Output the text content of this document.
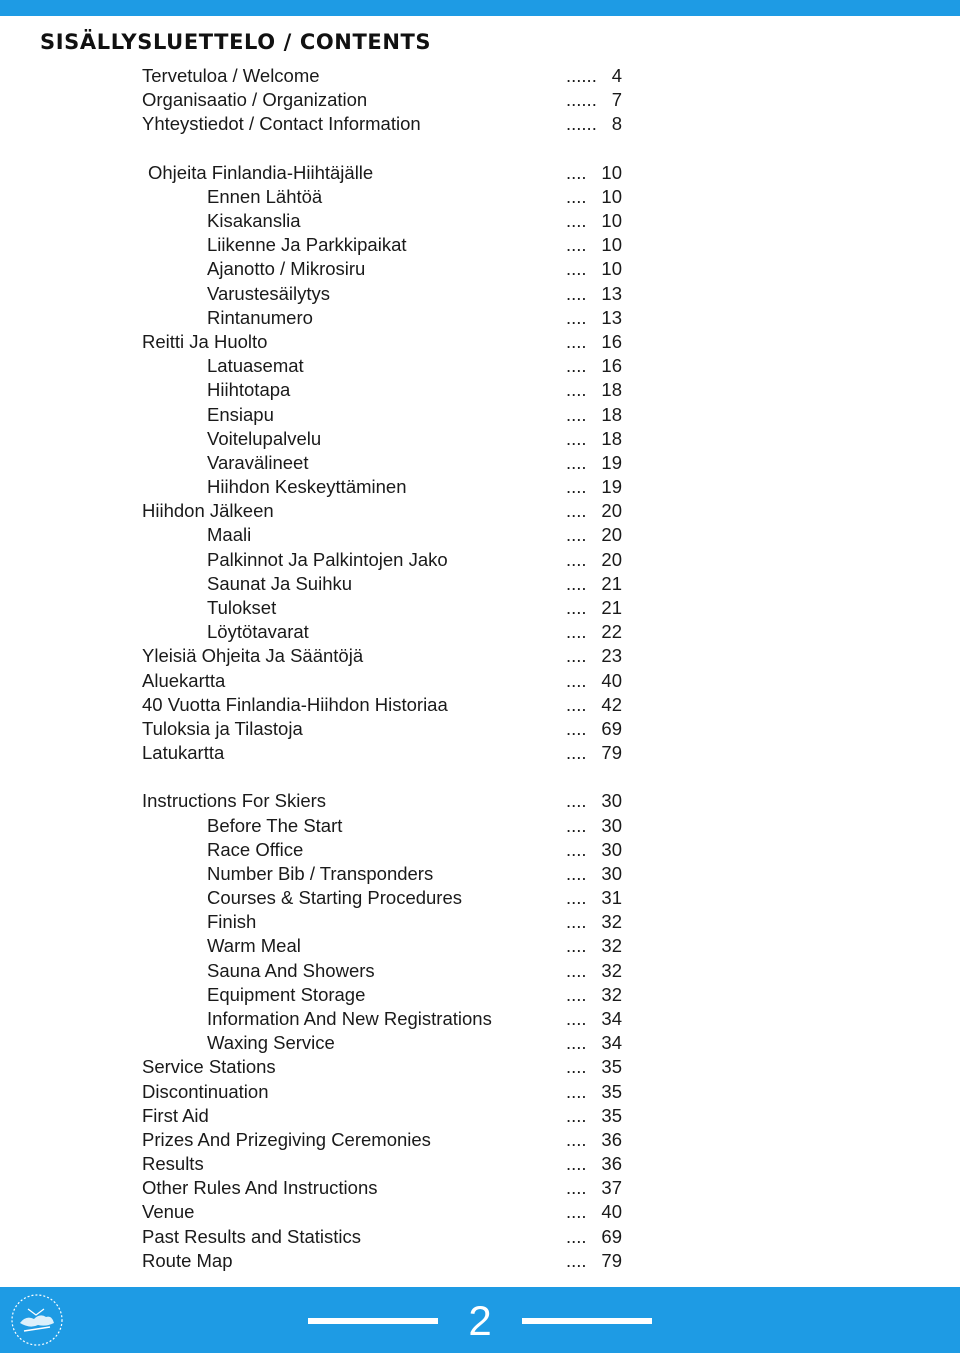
SISÄLLYSLUETTELO / CONTENTS
Tervetuloa / Welcome	...... 4
Organisaatio / Organization	...... 7
Yhteystiedot / Contact Information	...... 8
Ohjeita Finlandia-Hiihtäjälle	.... 10
Ennen Lähtöä	.... 10
Kisakanslia	.... 10
Liikenne Ja Parkkipaikat	.... 10
Ajanotto / Mikrosiru	.... 10
Varustesäilytys	.... 13
Rintanumero	.... 13
Reitti Ja Huolto	.... 16
Latuasemat	.... 16
Hiihtotapa	.... 18
Ensiapu	.... 18
Voitelupalvelu	.... 18
Varavälineet	.... 19
Hiihdon Keskeyttäminen	.... 19
Hiihdon Jälkeen	.... 20
Maali	.... 20
Palkinnot Ja Palkintojen Jako	.... 20
Saunat Ja Suihku	.... 21
Tulokset	.... 21
Löytötavarat	.... 22
Yleisiä Ohjeita Ja Sääntöjä	.... 23
Aluekartta	.... 40
40 Vuotta Finlandia-Hiihdon Historiaa	.... 42
Tuloksia ja Tilastoja	.... 69
Latukartta	.... 79
Instructions For Skiers	.... 30
Before The Start	.... 30
Race Office	.... 30
Number Bib / Transponders	.... 30
Courses & Starting Procedures	.... 31
Finish	.... 32
Warm Meal	.... 32
Sauna And Showers	.... 32
Equipment Storage	.... 32
Information And New Registrations	.... 34
Waxing Service	.... 34
Service Stations	.... 35
Discontinuation	.... 35
First Aid	.... 35
Prizes And Prizegiving Ceremonies	.... 36
Results	.... 36
Other Rules And Instructions	.... 37
Venue	.... 40
Past Results and Statistics	.... 69
Route Map	.... 79
2
